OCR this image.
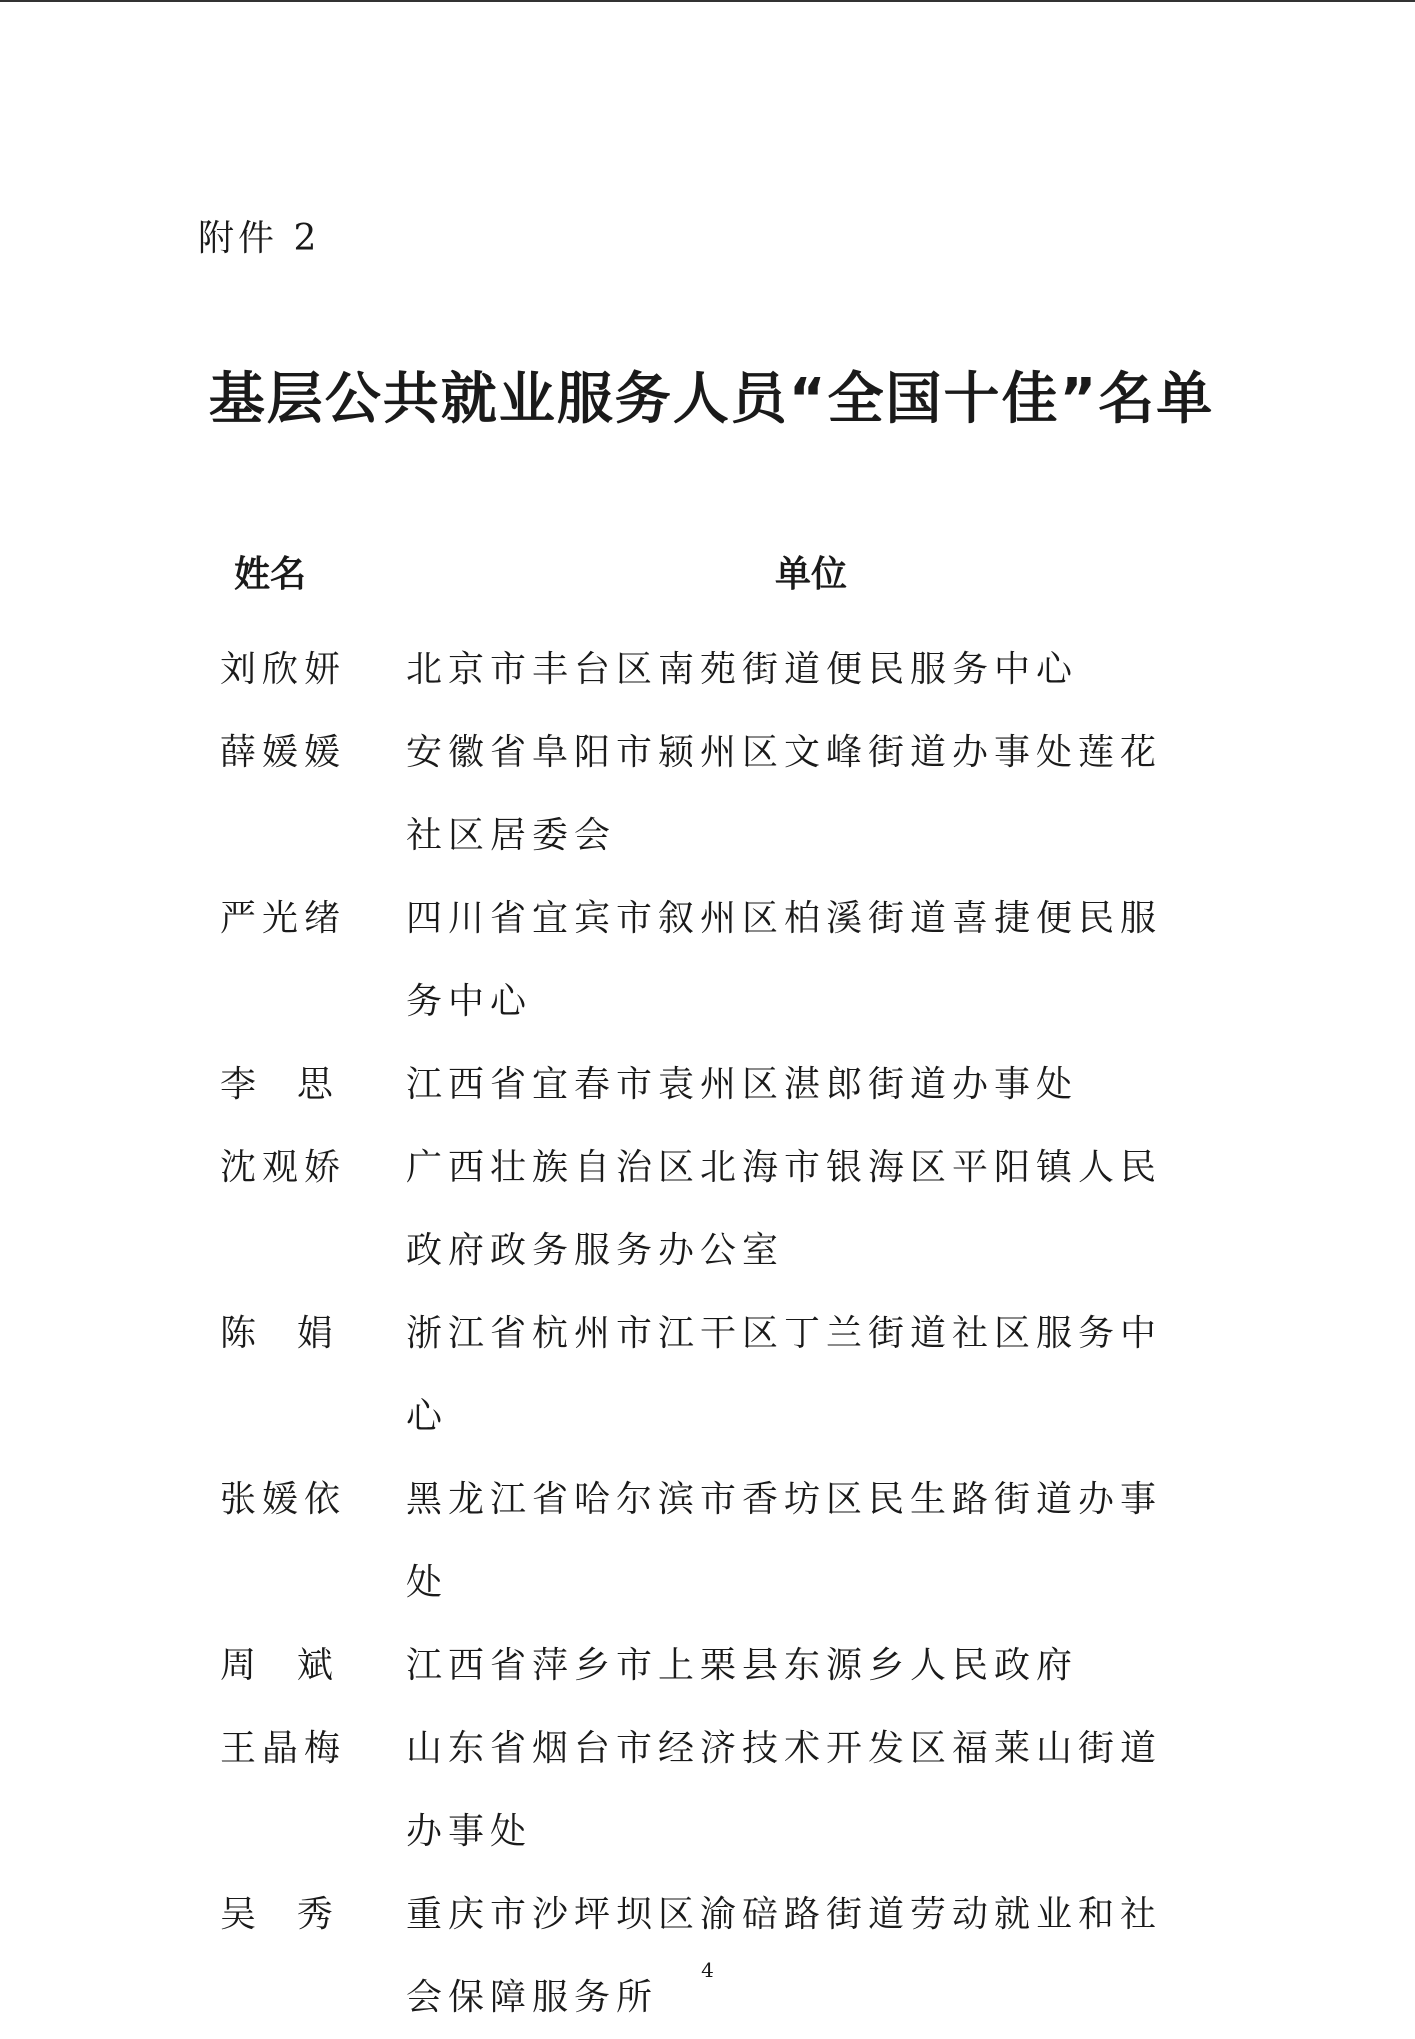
附件 2
基层公共就业服务人员“全国十佳”名单
姓名	单位
刘欣妍	北京市丰台区南苑街道便民服务中心
薛媛媛	安徽省阜阳市颍州区文峰街道办事处莲花社区居委会
严光绪	四川省宜宾市叙州区柏溪街道喜捷便民服务中心
李  思	江西省宜春市袁州区湛郎街道办事处
沈观娇	广西壮族自治区北海市银海区平阳镇人民政府政务服务办公室
陈  娟	浙江省杭州市江干区丁兰街道社区服务中心
张媛依	黑龙江省哈尔滨市香坊区民生路街道办事处
周  斌	江西省萍乡市上栗县东源乡人民政府
王晶梅	山东省烟台市经济技术开发区福莱山街道办事处
吴  秀	重庆市沙坪坝区渝碚路街道劳动就业和社会保障服务所
4
